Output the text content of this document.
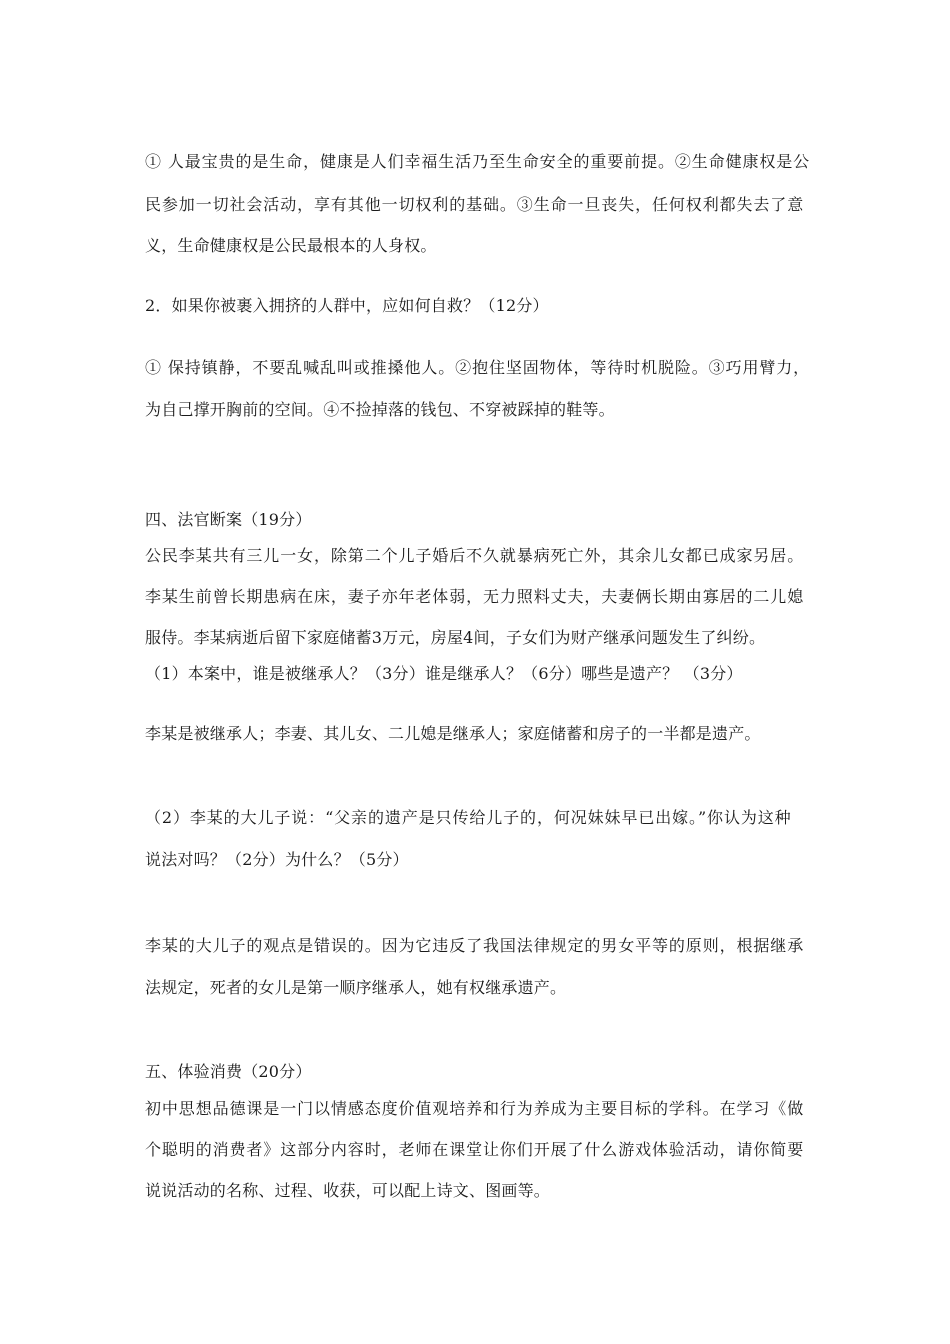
① 人最宝贵的是生命，健康是人们幸福生活乃至生命安全的重要前提。②生命健康权是公
民参加一切社会活动，享有其他一切权利的基础。③生命一旦丧失，任何权利都失去了意
义，生命健康权是公民最根本的人身权。
2．如果你被裹入拥挤的人群中，应如何自救？（12分）
① 保持镇静，不要乱喊乱叫或推搡他人。②抱住坚固物体，等待时机脱险。③巧用臂力，
为自己撑开胸前的空间。④不捡掉落的钱包、不穿被踩掉的鞋等。
四、法官断案（19分）
公民李某共有三儿一女，除第二个儿子婚后不久就暴病死亡外，其余儿女都已成家另居。
李某生前曾长期患病在床，妻子亦年老体弱，无力照料丈夫，夫妻俩长期由寡居的二儿媳
服侍。李某病逝后留下家庭储蓄3万元，房屋4间，子女们为财产继承问题发生了纠纷。
（1）本案中，谁是被继承人？（3分）谁是继承人？（6分）哪些是遗产？ （3分）
李某是被继承人；李妻、其儿女、二儿媳是继承人；家庭储蓄和房子的一半都是遗产。
（2）李某的大儿子说：“父亲的遗产是只传给儿子的，何况妹妹早已出嫁。”你认为这种
说法对吗？（2分）为什么？（5分）
李某的大儿子的观点是错误的。因为它违反了我国法律规定的男女平等的原则，根据继承
法规定，死者的女儿是第一顺序继承人，她有权继承遗产。
五、体验消费（20分）
初中思想品德课是一门以情感态度价值观培养和行为养成为主要目标的学科。在学习《做
个聪明的消费者》这部分内容时，老师在课堂让你们开展了什么游戏体验活动，请你简要
说说活动的名称、过程、收获，可以配上诗文、图画等。
